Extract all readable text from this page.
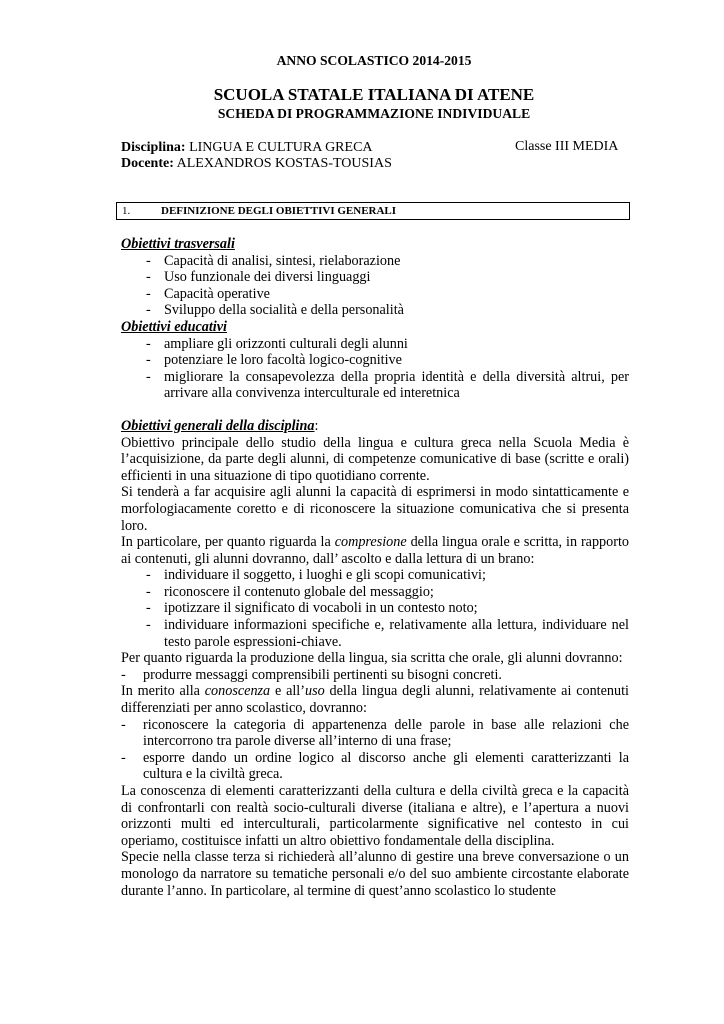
ANNO SCOLASTICO 2014-2015
SCUOLA STATALE ITALIANA DI ATENE
SCHEDA DI PROGRAMMAZIONE INDIVIDUALE
Disciplina: LINGUA E CULTURA GRECA	Classe III MEDIA
Docente: ALEXANDROS KOSTAS-TOUSIAS
1.	DEFINIZIONE DEGLI OBIETTIVI GENERALI
Obiettivi trasversali
- Capacità di analisi, sintesi, rielaborazione
- Uso funzionale dei diversi linguaggi
- Capacità operative
- Sviluppo della socialità e della personalità
Obiettivi educativi
- ampliare gli orizzonti culturali degli alunni
- potenziare le loro facoltà logico-cognitive
- migliorare la consapevolezza della propria identità e della diversità altrui, per arrivare alla convivenza interculturale ed interetnica
Obiettivi generali della disciplina:

Obiettivo principale dello studio della lingua e cultura greca nella Scuola Media è l’acquisizione, da parte degli alunni, di competenze comunicative di base (scritte e orali) efficienti in una situazione di tipo quotidiano corrente.

Si tenderà a far acquisire agli alunni la capacità di esprimersi in modo sintatticamente e morfologiacamente coretto e di riconoscere la situazione comunicativa che si presenta loro.

In particolare, per quanto riguarda la compresione della lingua orale e scritta, in rapporto ai contenuti, gli alunni dovranno, dall’ ascolto e dalla lettura di un brano:

- individuare il soggetto, i luoghi e gli scopi comunicativi;
- riconoscere il contenuto globale del messaggio;
- ipotizzare il significato di vocaboli in un contesto noto;
- individuare informazioni specifiche e, relativamente alla lettura, individuare nel testo parole espressioni-chiave.

Per quanto riguarda la produzione della lingua, sia scritta che orale, gli alunni dovranno:

- produrre messaggi comprensibili pertinenti su bisogni concreti.

In merito alla conoscenza e all’uso della lingua degli alunni, relativamente ai contenuti differenziati per anno scolastico, dovranno:

- riconoscere la categoria di appartenenza delle parole in base alle relazioni che intercorrono tra parole diverse all’interno di una frase;
- esporre dando un ordine logico al discorso anche gli elementi caratterizzanti la cultura e la civiltà greca.

La conoscenza di elementi caratterizzanti della cultura e della civiltà greca e la capacità di confrontarli con realtà socio-culturali diverse (italiana e altre), e l’apertura a nuovi orizzonti multi ed interculturali, particolarmente significative nel contesto in cui operiamo, costituisce infatti un altro obiettivo fondamentale della disciplina.

Specie nella classe terza si richiederà all’alunno di gestire una breve conversazione o un monologo da narratore su tematiche personali e/o del suo ambiente circostante elaborate durante l’anno. In particolare, al termine di quest’anno scolastico lo studente
